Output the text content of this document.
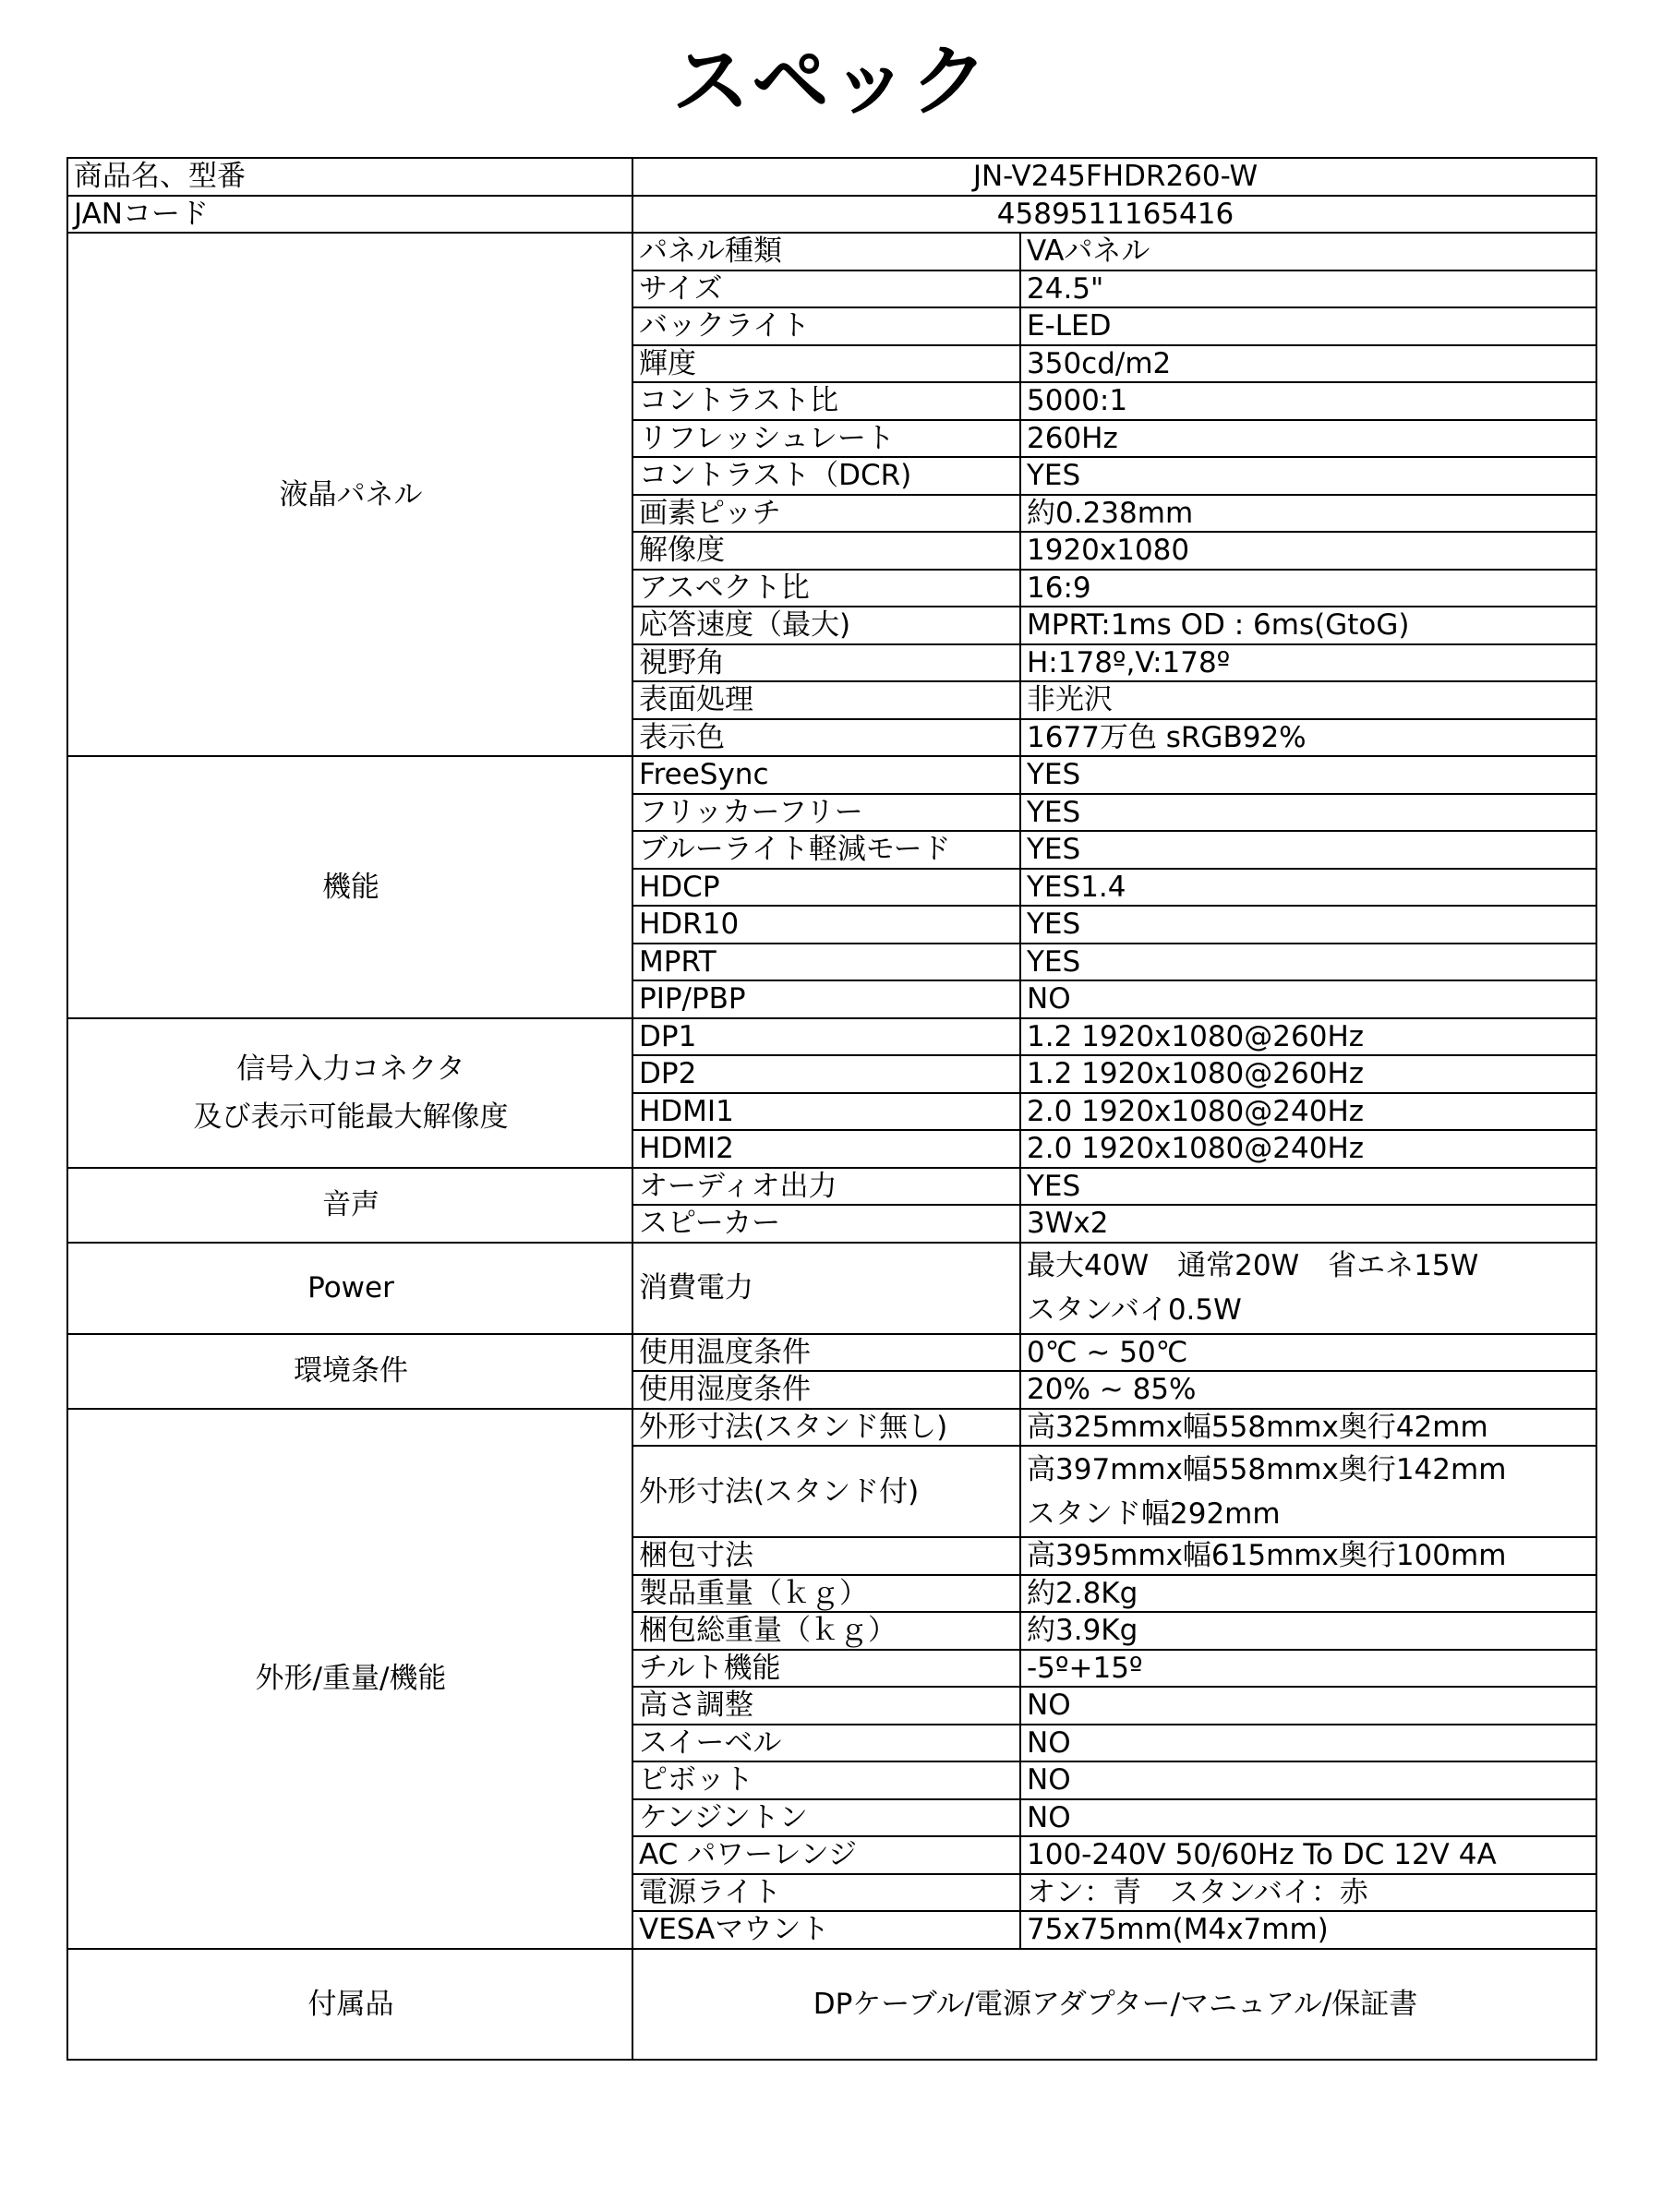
スペック
商品名、型番	JN-V245FHDR260-W	
JANコード	4589511165416	

液晶パネル	パネル種類	VAパネル
	サイズ	24.5"
	バックライト	E-LED
	輝度	350cd/m2
	コントラスト比	5000:1
	リフレッシュレート	260Hz
	コントラスト（DCR)	YES
	画素ピッチ	約0.238mm
	解像度	1920x1080
	アスペクト比	16:9
	応答速度（最大)	MPRT:1ms OD : 6ms(GtoG)
	視野角	H:178º,V:178º
	表面処理	非光沢
	表示色	1677万色 sRGB92%

機能	FreeSync	YES
	フリッカーフリー	YES
	ブルーライト軽減モード	YES
	HDCP	YES1.4
	HDR10	YES
	MPRT	YES
	PIP/PBP	NO

信号入力コネクタ
及び表示可能最大解像度	DP1	1.2 1920x1080@260Hz
	DP2	1.2 1920x1080@260Hz
	HDMI1	2.0 1920x1080@240Hz
	HDMI2	2.0 1920x1080@240Hz

音声	オーディオ出力	YES
	スピーカー	3Wx2

Power	消費電力	最大40W　通常20W　省エネ15W
スタンバイ0.5W

環境条件	使用温度条件	0℃ ~ 50℃
	使用湿度条件	20% ~ 85%

外形/重量/機能	外形寸法(スタンド無し)	高325mmx幅558mmx奥行42mm
	外形寸法(スタンド付)	高397mmx幅558mmx奥行142mm
スタンド幅292mm

	梱包寸法	高395mmx幅615mmx奥行100mm
	製品重量（ｋｇ）	約2.8Kg
	梱包総重量（ｋｇ）	約3.9Kg
	チルト機能	-5º+15º
	高さ調整	NO
	スイーベル	NO
	ピボット	NO
	ケンジントン	NO
	AC パワーレンジ	100-240V 50/60Hz To DC 12V 4A
	電源ライト	オン：青　スタンバイ：赤
	VESAマウント	75x75mm(M4x7mm)
付属品	DPケーブル/電源アダプター/マニュアル/保証書	
